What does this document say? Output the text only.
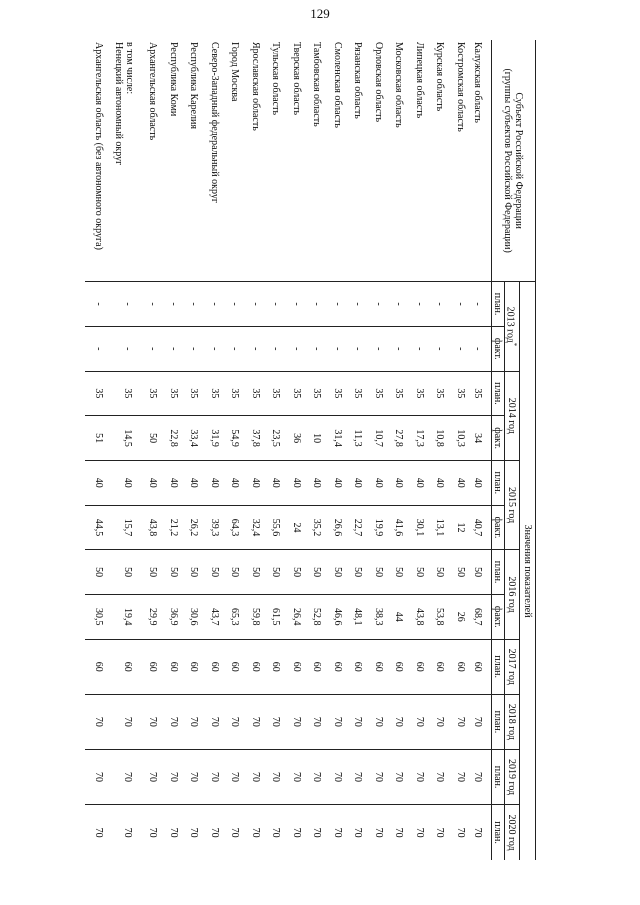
129
Субъект Российской Федерации
(группы субъектов Российской Федерации)	Значения показателей											
	2013 год*		2014 год		2015 год		2016 год		2017 год	2018 год	2019 год	2020 год
	план.	факт.	план.	факт.	план.	факт.	план.	факт.	план.	план.	план.	план.

Калужская область	-	-	35	34	40	40,7	50	68,7	60	70	70	70

Костромская область	-	-	35	10,3	40	12	50	26	60	70	70	70

Курская область	-	-	35	10,8	40	13,1	50	53,8	60	70	70	70

Липецкая область	-	-	35	17,3	40	30,1	50	43,8	60	70	70	70

Московская область	-	-	35	27,8	40	41,6	50	44	60	70	70	70

Орловская область	-	-	35	10,7	40	19,9	50	38,3	60	70	70	70

Рязанская область	-	-	35	11,3	40	22,7	50	48,1	60	70	70	70

Смоленская область	-	-	35	31,4	40	26,6	50	46,6	60	70	70	70

Тамбовская область	-	-	35	10	40	35,2	50	52,8	60	70	70	70

Тверская область	-	-	35	36	40	24	50	26,4	60	70	70	70

Тульская область	-	-	35	23,5	40	55,6	50	61,5	60	70	70	70

Ярославская область	-	-	35	37,8	40	32,4	50	59,8	60	70	70	70

Город Москва	-	-	35	54,9	40	64,3	50	65,3	60	70	70	70

Северо-Западный федеральный округ	-	-	35	31,9	40	39,3	50	43,7	60	70	70	70

Республика Карелия	-	-	35	33,4	40	26,2	50	30,6	60	70	70	70

Республика Коми	-	-	35	22,8	40	21,2	50	36,9	60	70	70	70

Архангельская область	-	-	35	50	40	43,8	50	29,9	60	70	70	70

в том числе:
Ненецкий автономный округ	-	-	35	14,5	40	15,7	50	19,4	60	70	70	70

Архангельская область (без автономного округа)	-	-	35	51	40	44,5	50	30,5	60	70	70	70
